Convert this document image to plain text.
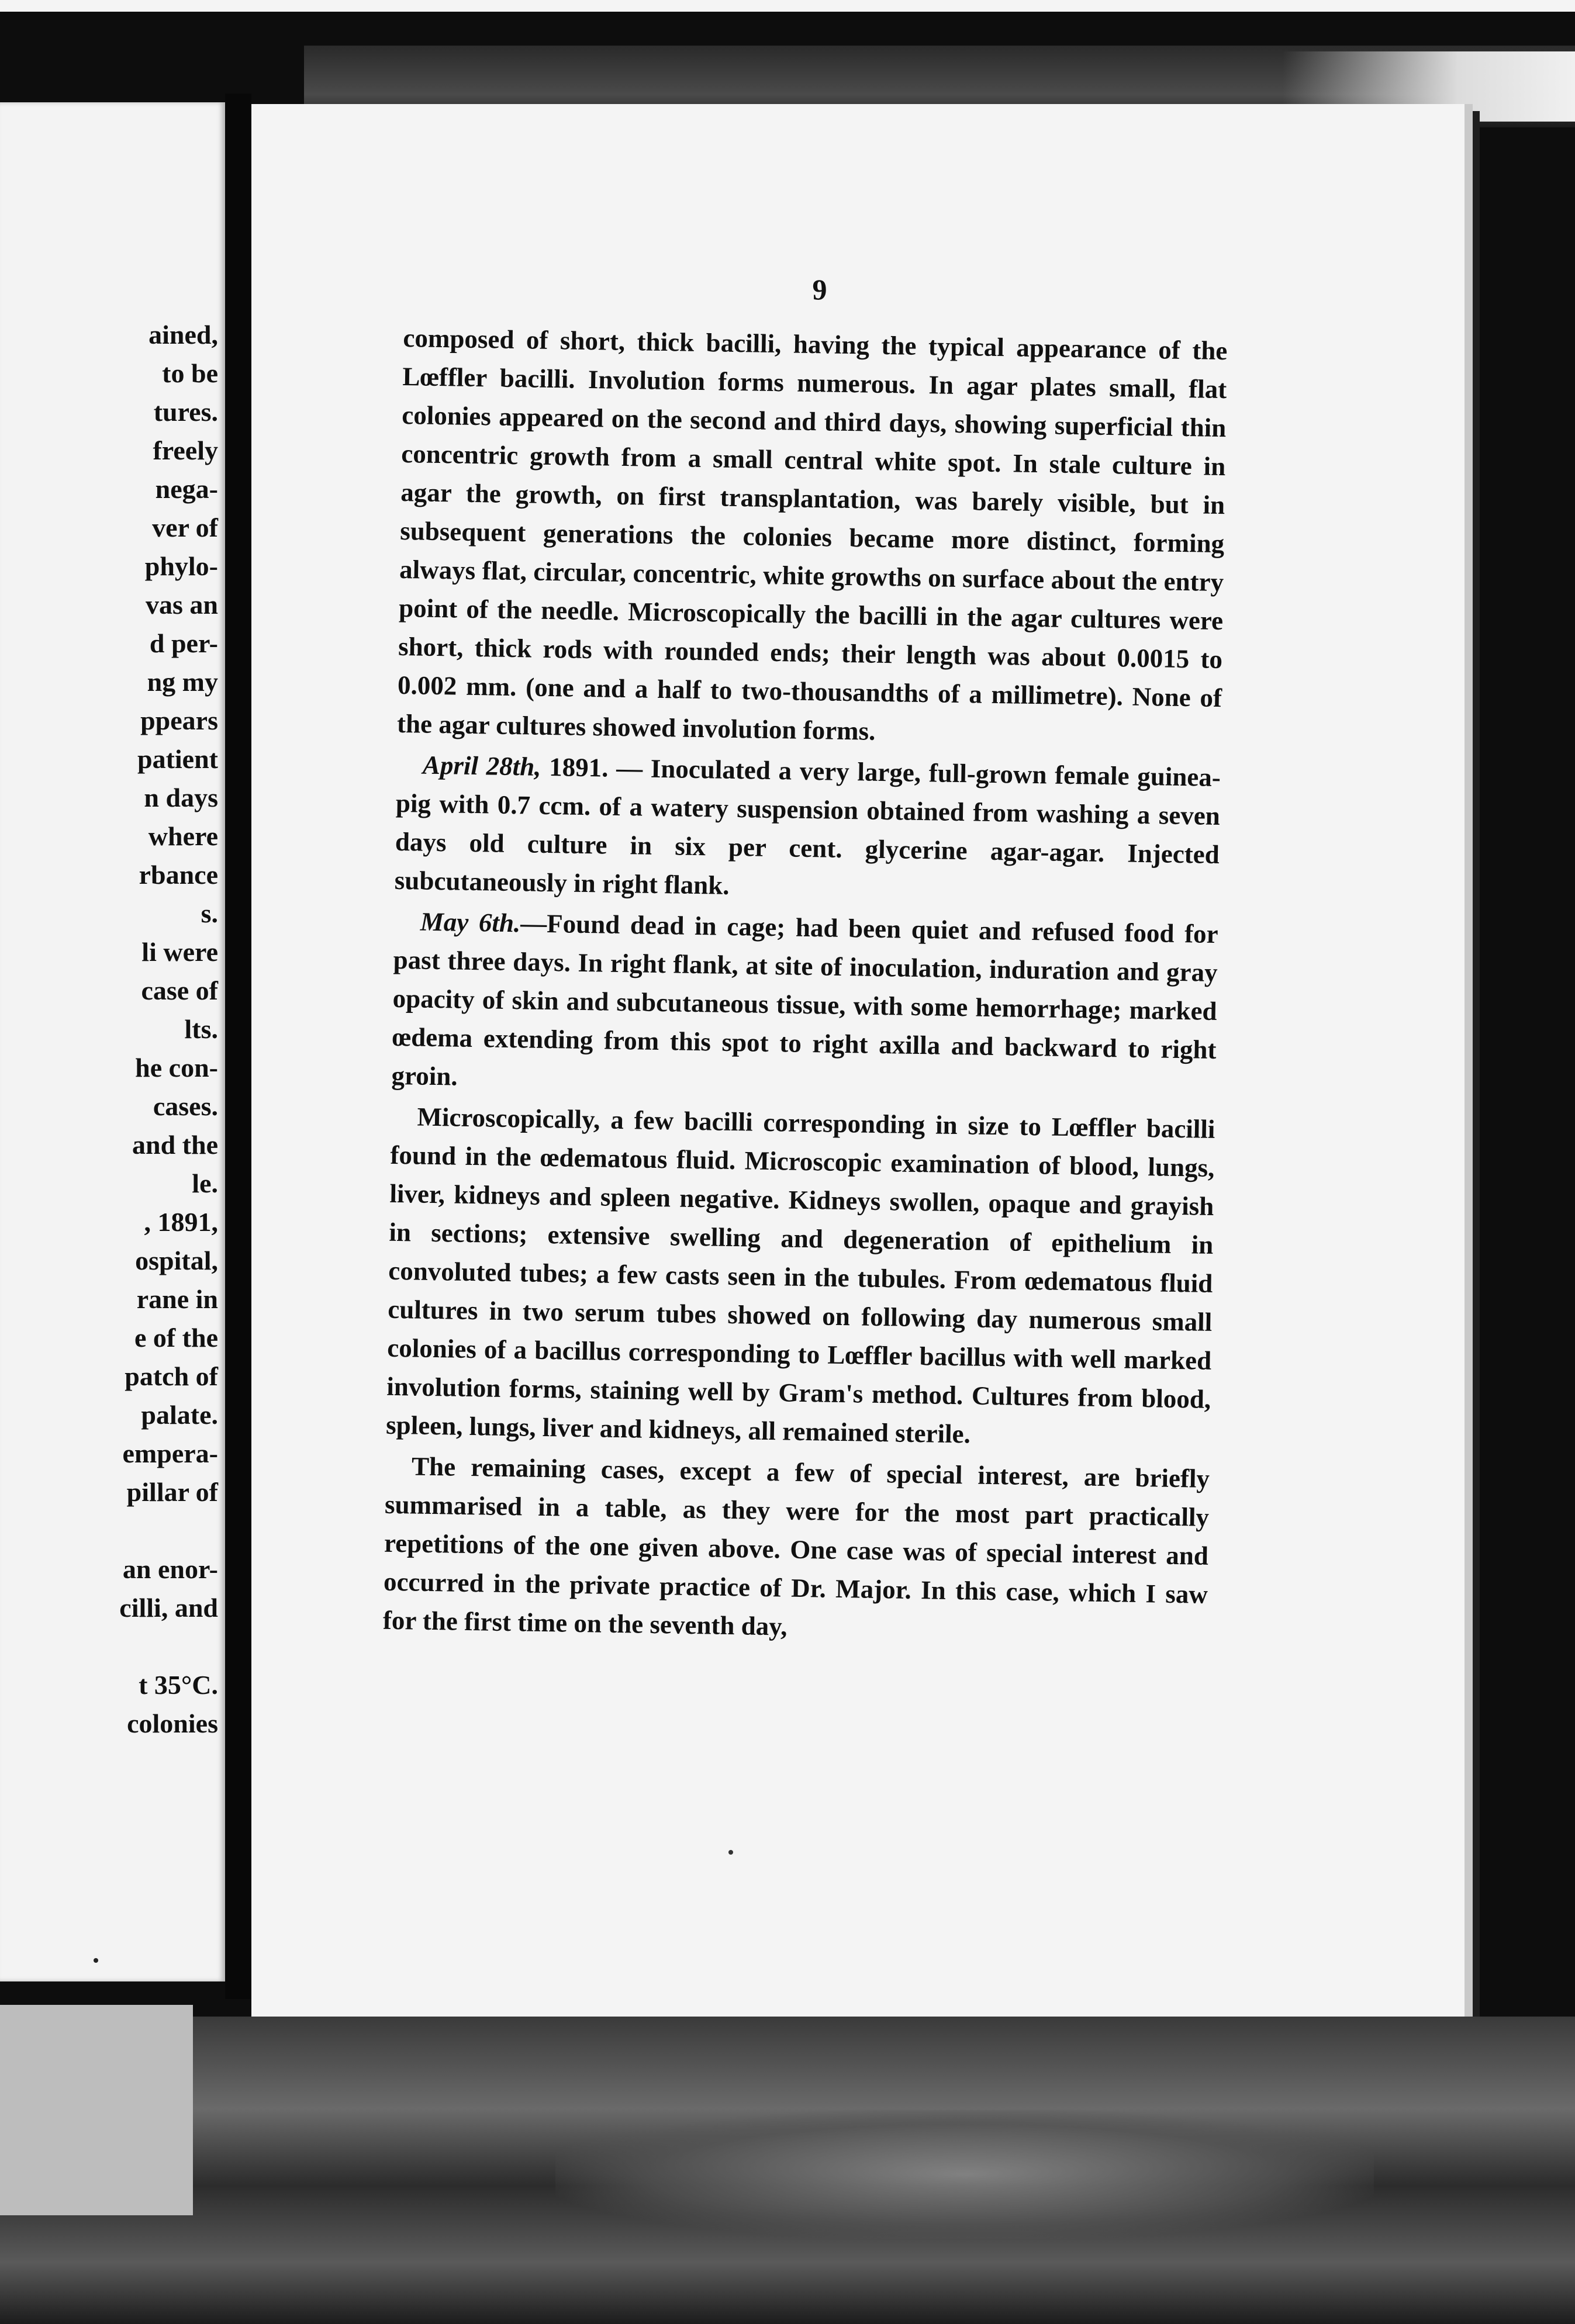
ained,
to be
tures.
freely
nega-
ver of
phylo-
vas an
d per-
ng my
ppears
patient
n days
where
rbance
s.
li were
case of
lts.
he con-
cases.
and the
le.
, 1891,
ospital,
rane in
e of the
patch of
palate.
empera-
pillar of
an enor-
cilli, and
t 35°C.
colonies
9

composed of short, thick bacilli, having the typical appearance of the Lœffler bacilli. Involution forms numerous. In agar plates small, flat colonies appeared on the second and third days, showing superficial thin concentric growth from a small central white spot. In stale culture in agar the growth, on first transplantation, was barely visible, but in subsequent generations the colonies became more distinct, forming always flat, circular, concentric, white growths on surface about the entry point of the needle. Microscopically the bacilli in the agar cultures were short, thick rods with rounded ends; their length was about 0.0015 to 0.002 mm. (one and a half to two-thousandths of a millimetre). None of the agar cultures showed involution forms.

April 28th, 1891. — Inoculated a very large, full-grown female guinea-pig with 0.7 ccm. of a watery suspension obtained from washing a seven days old culture in six per cent. glycerine agar-agar. Injected subcutaneously in right flank.

May 6th.—Found dead in cage; had been quiet and refused food for past three days. In right flank, at site of inoculation, induration and gray opacity of skin and subcutaneous tissue, with some hemorrhage; marked œdema extending from this spot to right axilla and backward to right groin.

Microscopically, a few bacilli corresponding in size to Lœffler bacilli found in the œdematous fluid. Microscopic examination of blood, lungs, liver, kidneys and spleen negative. Kidneys swollen, opaque and grayish in sections; extensive swelling and degeneration of epithelium in convoluted tubes; a few casts seen in the tubules. From œdematous fluid cultures in two serum tubes showed on following day numerous small colonies of a bacillus corresponding to Lœffler bacillus with well marked involution forms, staining well by Gram's method. Cultures from blood, spleen, lungs, liver and kidneys, all remained sterile.

The remaining cases, except a few of special interest, are briefly summarised in a table, as they were for the most part practically repetitions of the one given above. One case was of special interest and occurred in the private practice of Dr. Major. In this case, which I saw for the first time on the seventh day,
